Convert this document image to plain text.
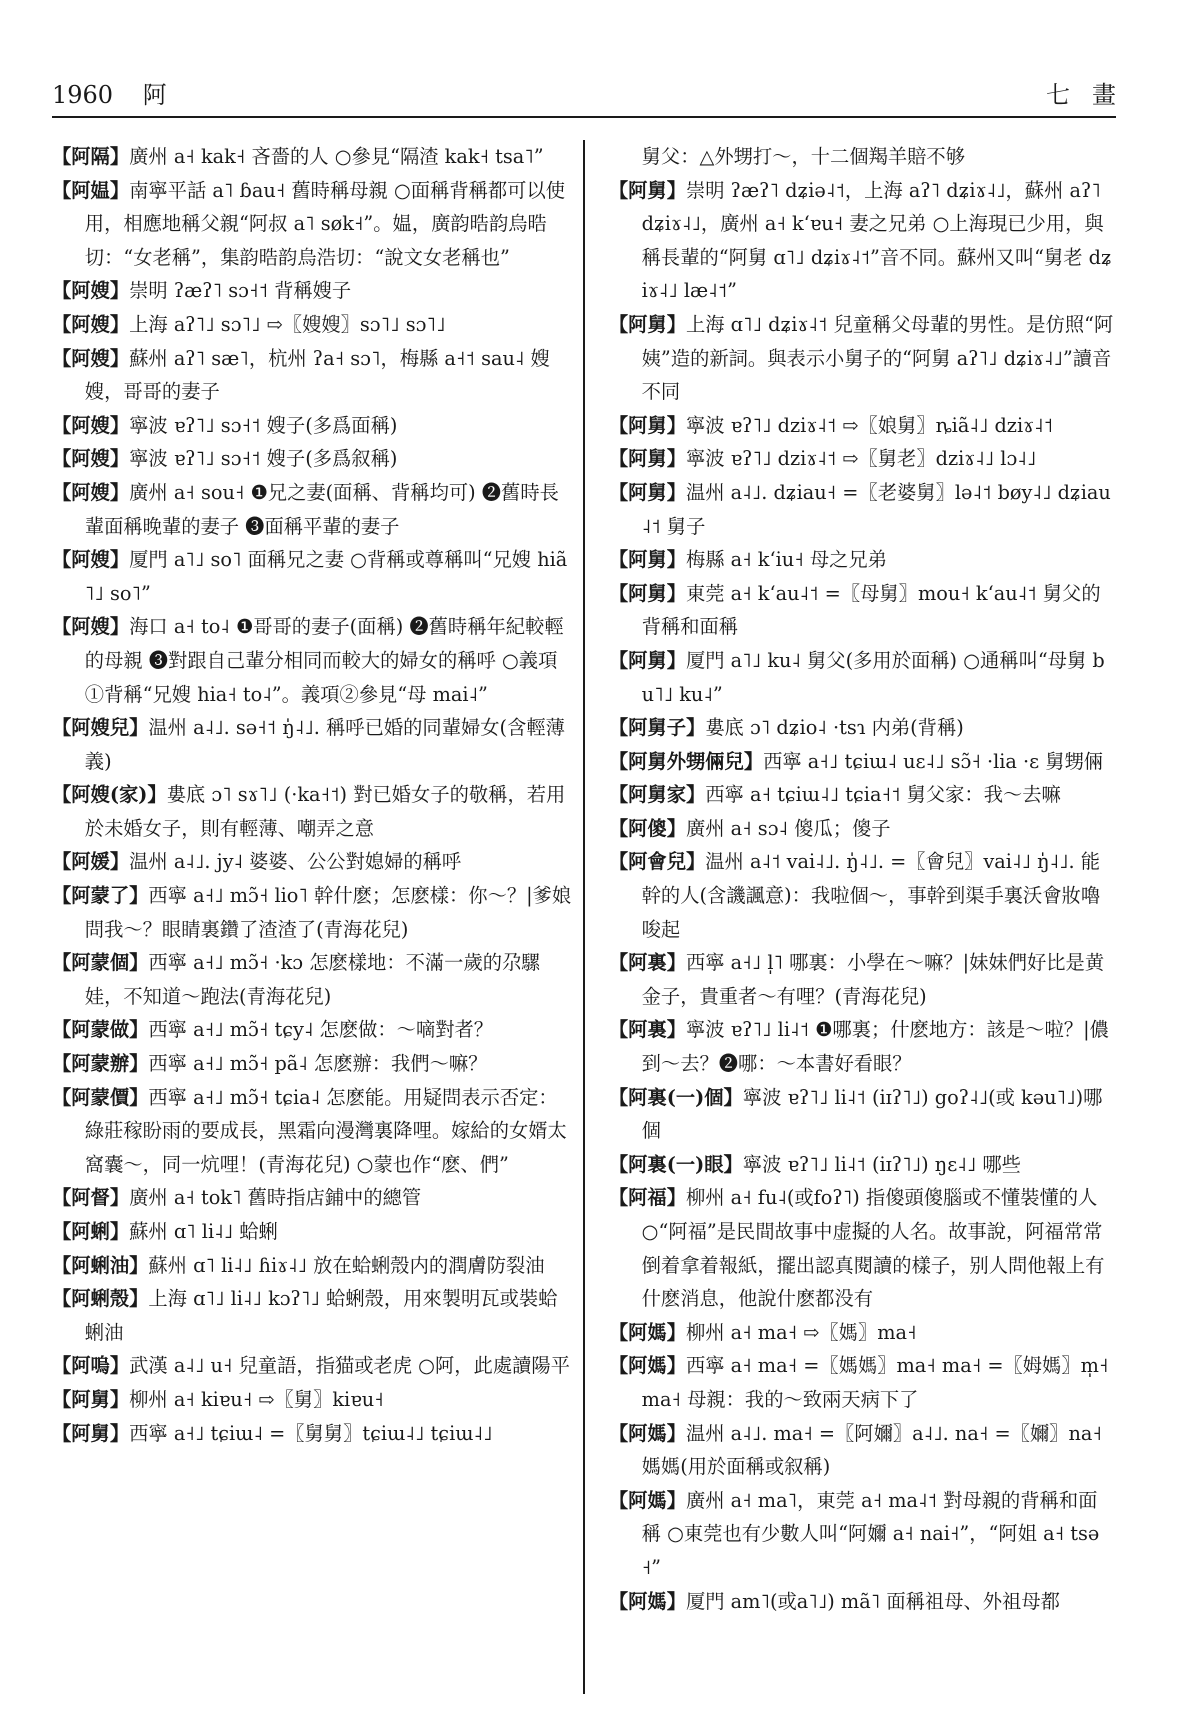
1960 阿	七畫

【阿隔】廣州 a˧ kak˧ 吝嗇的人 ○參見“隔渣 kak˧ tsa˥”

【阿媪】南寧平話 a˥ ɓau˧ 舊時稱母親 ○面稱背稱都可以使用，相應地稱父親“阿叔 a˥ søk˧”。媪，廣韵晧韵烏晧切：“女老稱”，集韵晧韵烏浩切：“說文女老稱也”

【阿嫂】崇明 ʔæʔ˥ sɔ˧˦ 背稱嫂子

【阿嫂】上海 aʔ˥˩ sɔ˥˩ ⇨〖嫂嫂〗sɔ˥˩ sɔ˥˩

【阿嫂】蘇州 aʔ˥ sæ˥，杭州 ʔa˧ sɔ˥，梅縣 a˧˦ sau˨ 嫂嫂，哥哥的妻子

【阿嫂】寧波 ɐʔ˥˩ sɔ˧˦ 嫂子(多爲面稱)

【阿嫂】寧波 ɐʔ˥˩ sɔ˧˦ 嫂子(多爲叙稱)

【阿嫂】廣州 a˧ sou˧ ❶兄之妻(面稱、背稱均可) ❷舊時長輩面稱晚輩的妻子 ❸面稱平輩的妻子

【阿嫂】厦門 a˥˩ so˥ 面稱兄之妻 ○背稱或尊稱叫“兄嫂 hiã˥˩ so˥”

【阿嫂】海口 a˧ to˨ ❶哥哥的妻子(面稱) ❷舊時稱年紀較輕的母親 ❸對跟自己輩分相同而較大的婦女的稱呼 ○義項①背稱“兄嫂 hia˧ to˨”。義項②參見“母 mai˨”

【阿嫂兒】温州 a˨˩. sə˧˦ ŋ̍˨˩. 稱呼已婚的同輩婦女(含輕薄義)

【阿嫂(家)】婁底 ɔ˥ sɤ˥˩ (·ka˧˦) 對已婚女子的敬稱，若用於未婚女子，則有輕薄、嘲弄之意

【阿媛】温州 a˨˩. jy˨ 婆婆、公公對媳婦的稱呼

【阿蒙了】西寧 a˧˩ mɔ̃˧ lio˥ 幹什麽；怎麽樣：你～？|爹娘問我～？眼睛裏鑽了渣渣了(青海花兒)

【阿蒙個】西寧 a˧˩ mɔ̃˧ ·kɔ 怎麽樣地：不滿一歲的尕騾娃，不知道～跑法(青海花兒)

【阿蒙做】西寧 a˧˩ mɔ̃˧ tɕy˨ 怎麽做：～嘀對者？

【阿蒙辦】西寧 a˧˩ mɔ̃˧ pã˨ 怎麽辦：我們～嘛？

【阿蒙價】西寧 a˧˩ mɔ̃˧ tɕia˨ 怎麽能。用疑問表示否定：綠莊稼盼雨的要成長，黑霜向漫灣裏降哩。嫁給的女婿太窩囊～，同一炕哩！(青海花兒) ○蒙也作“麽、們”

【阿督】廣州 a˧ tok˥ 舊時指店鋪中的總管

【阿蜊】蘇州 ɑ˥ li˨˩ 蛤蜊

【阿蜊油】蘇州 ɑ˥ li˨˩ ɦiɤ˨˩ 放在蛤蜊殼内的潤膚防裂油

【阿蜊殼】上海 ɑ˥˩ li˨˩ kɔʔ˥˩ 蛤蜊殼，用來製明瓦或裝蛤蜊油

【阿嗚】武漢 a˨˩ u˧ 兒童語，指猫或老虎 ○阿，此處讀陽平

【阿舅】柳州 a˧ kiɐu˧ ⇨〖舅〗kiɐu˧

【阿舅】西寧 a˧˩ tɕiɯ˨ =〖舅舅〗tɕiɯ˨˩ tɕiɯ˨˩

舅父：△外甥打～，十二個羯羊賠不够

【阿舅】崇明 ʔæʔ˥ dʑiə˨˦，上海 aʔ˥ dʑiɤ˨˩，蘇州 aʔ˥ dʑiɤ˨˩，廣州 a˧ kʻɐu˧ 妻之兄弟 ○上海現已少用，與稱長輩的“阿舅 ɑ˥˩ dʑiɤ˨˦”音不同。蘇州又叫“舅老 dʑiɤ˨˩ læ˨˦”

【阿舅】上海 ɑ˥˩ dʑiɤ˨˦ 兒童稱父母輩的男性。是仿照“阿姨”造的新詞。與表示小舅子的“阿舅 aʔ˥˩ dʑiɤ˨˩”讀音不同

【阿舅】寧波 ɐʔ˥˩ dziɤ˨˦ ⇨〖娘舅〗ȵiã˨˩ dziɤ˨˦

【阿舅】寧波 ɐʔ˥˩ dziɤ˨˦ ⇨〖舅老〗dziɤ˨˩ lɔ˨˩

【阿舅】温州 a˨˩. dʑiau˧ =〖老婆舅〗lə˨˦ bøy˨˩ dʑiau˨˦ 舅子

【阿舅】梅縣 a˧ kʻiu˧ 母之兄弟

【阿舅】東莞 a˧ kʻau˨˦ =〖母舅〗mou˧ kʻau˨˦ 舅父的背稱和面稱

【阿舅】厦門 a˥˩ ku˨ 舅父(多用於面稱) ○通稱叫“母舅 bu˥˩ ku˨”

【阿舅子】婁底 ɔ˥ dʑio˨ ·tsɿ 内弟(背稱)

【阿舅外甥倆兒】西寧 a˧˩ tɕiɯ˨ uɛ˨˩ sɔ̃˧ ·lia ·ɛ 舅甥倆

【阿舅家】西寧 a˧ tɕiɯ˨˩ tɕia˧˦ 舅父家：我～去嘛

【阿傻】廣州 a˧ sɔ˨ 傻瓜；傻子

【阿會兒】温州 a˨˦ vai˨˩. ŋ̍˨˩. =〖會兒〗vai˨˩ ŋ̍˨˩. 能幹的人(含譏諷意)：我啦個～，事幹到渠手裏沃會妝嚕唆起

【阿裏】西寧 a˧˩ l̩˥ 哪裏：小學在～嘛？|妹妹們好比是黄金子，貴重者～有哩？(青海花兒)

【阿裏】寧波 ɐʔ˥˩ li˨˦ ❶哪裏；什麽地方：該是～啦？|儂到～去？❷哪：～本書好看眼？

【阿裏(一)個】寧波 ɐʔ˥˩ li˨˦ (iɪʔ˥˩) goʔ˨˩(或 kəu˥˩)哪個

【阿裏(一)眼】寧波 ɐʔ˥˩ li˨˦ (iɪʔ˥˩) ŋɛ˨˩ 哪些

【阿福】柳州 a˧ fu˨(或foʔ˥) 指傻頭傻腦或不懂裝懂的人 ○“阿福”是民間故事中虚擬的人名。故事說，阿福常常倒着拿着報紙，擺出認真閱讀的樣子，别人問他報上有什麽消息，他說什麽都没有

【阿媽】柳州 a˧ ma˧ ⇨〖媽〗ma˧

【阿媽】西寧 a˧ ma˧ =〖媽媽〗ma˧ ma˧ =〖姆媽〗m̩˧ ma˧ 母親：我的～致兩天病下了

【阿媽】温州 a˨˩. ma˧ =〖阿嬭〗a˨˩. na˧ =〖嬭〗na˧ 媽媽(用於面稱或叙稱)

【阿媽】廣州 a˧ ma˥，東莞 a˧ ma˨˦ 對母親的背稱和面稱 ○東莞也有少數人叫“阿嬭 a˧ nai˧”，“阿姐 a˧ tsə˧”

【阿媽】厦門 am˥(或a˥˩) mã˥ 面稱祖母、外祖母都
